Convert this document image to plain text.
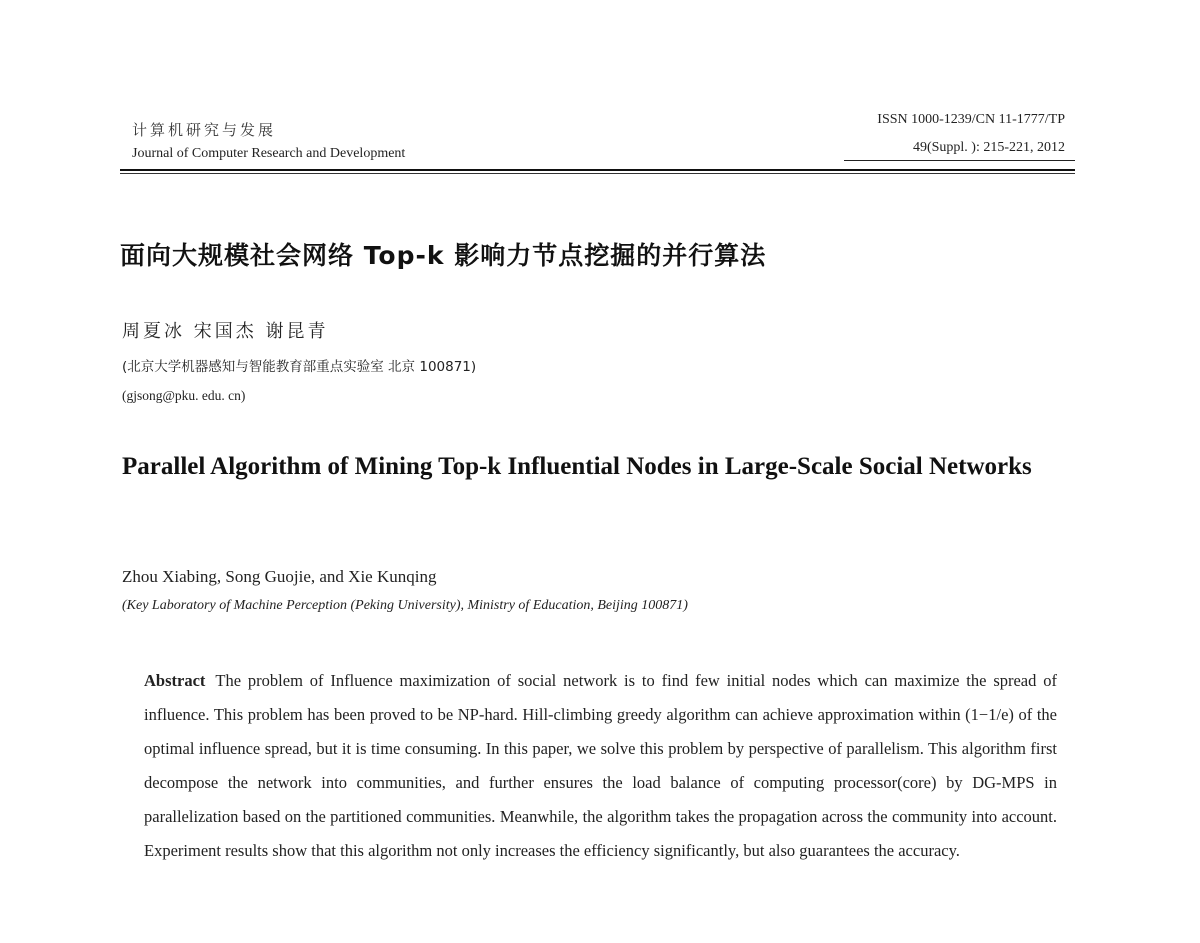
计算机研究与发展
Journal of Computer Research and Development
ISSN 1000-1239/CN 11-1777/TP
49(Suppl. ): 215-221, 2012
面向大规模社会网络 Top-k 影响力节点挖掘的并行算法
周夏冰 宋国杰 谢昆青
(北京大学机器感知与智能教育部重点实验室 北京 100871)
(gjsong@pku. edu. cn)

Parallel Algorithm of Mining Top-k Influential Nodes in Large-Scale Social Networks

Zhou Xiabing, Song Guojie, and Xie Kunqing
(Key Laboratory of Machine Perception (Peking University), Ministry of Education, Beijing 100871)

Abstract The problem of Influence maximization of social network is to find few initial nodes which can maximize the spread of influence. This problem has been proved to be NP-hard. Hill-climbing greedy algorithm can achieve approximation within (1−1/e) of the optimal influence spread, but it is time consuming. In this paper, we solve this problem by perspective of parallelism. This algorithm first decompose the network into communities, and further ensures the load balance of computing processor(core) by DG-MPS in parallelization based on the partitioned communities. Meanwhile, the algorithm takes the propagation across the community into account. Experiment results show that this algorithm not only increases the efficiency significantly, but also guarantees the accuracy.
